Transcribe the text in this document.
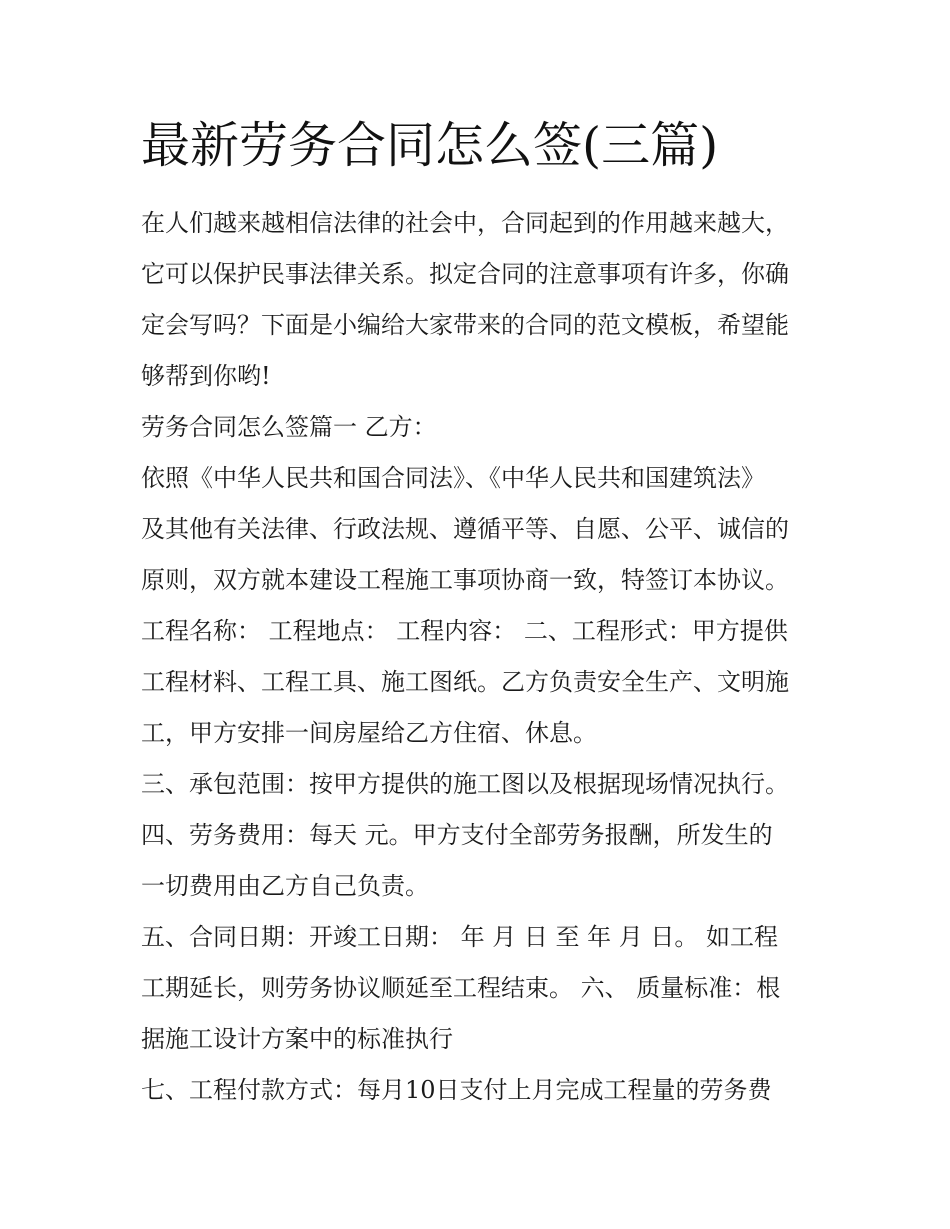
最新劳务合同怎么签(三篇)
在人们越来越相信法律的社会中，合同起到的作用越来越大，
它可以保护民事法律关系。拟定合同的注意事项有许多，你确
定会写吗？下面是小编给大家带来的合同的范文模板，希望能
够帮到你哟!
劳务合同怎么签篇一 乙方：
依照《中华人民共和国合同法》、《中华人民共和国建筑法》
及其他有关法律、行政法规、遵循平等、自愿、公平、诚信的
原则，双方就本建设工程施工事项协商一致，特签订本协议。
工程名称： 工程地点： 工程内容： 二、工程形式：甲方提供
工程材料、工程工具、施工图纸。乙方负责安全生产、文明施
工，甲方安排一间房屋给乙方住宿、休息。
三、承包范围：按甲方提供的施工图以及根据现场情况执行。
四、劳务费用：每天 元。甲方支付全部劳务报酬，所发生的
一切费用由乙方自己负责。
五、合同日期：开竣工日期： 年 月 日 至 年 月 日。 如工程
工期延长，则劳务协议顺延至工程结束。 六、 质量标准：根
据施工设计方案中的标准执行
七、工程付款方式：每月10日支付上月完成工程量的劳务费
